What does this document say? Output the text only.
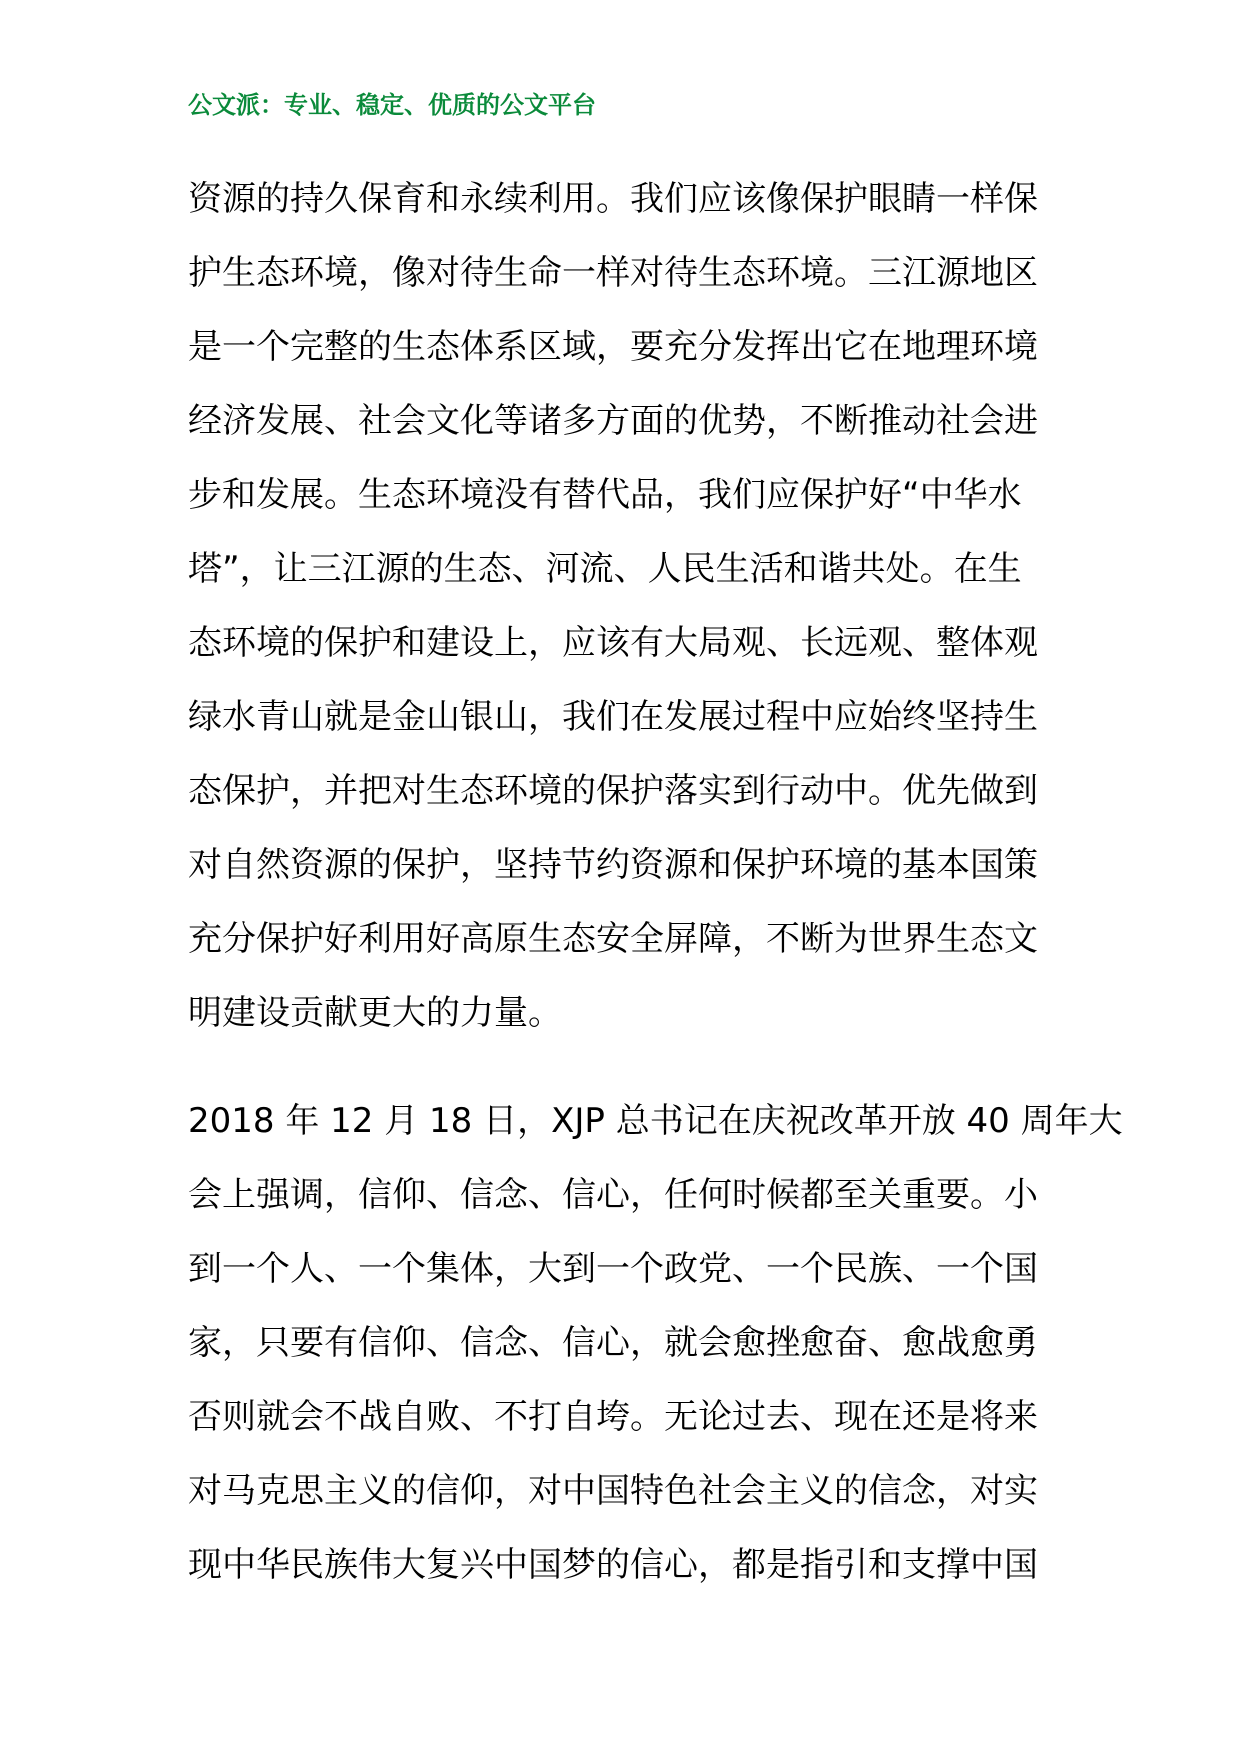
公文派：专业、稳定、优质的公文平台
资源的持久保育和永续利用。我们应该像保护眼睛一样保
护生态环境，像对待生命一样对待生态环境。三江源地区
是一个完整的生态体系区域，要充分发挥出它在地理环境
经济发展、社会文化等诸多方面的优势，不断推动社会进
步和发展。生态环境没有替代品，我们应保护好“中华水
塔”，让三江源的生态、河流、人民生活和谐共处。在生
态环境的保护和建设上，应该有大局观、长远观、整体观
绿水青山就是金山银山，我们在发展过程中应始终坚持生
态保护，并把对生态环境的保护落实到行动中。优先做到
对自然资源的保护，坚持节约资源和保护环境的基本国策
充分保护好利用好高原生态安全屏障，不断为世界生态文
明建设贡献更大的力量。
2018 年 12 月 18 日，XJP 总书记在庆祝改革开放 40 周年大
会上强调，信仰、信念、信心，任何时候都至关重要。小
到一个人、一个集体，大到一个政党、一个民族、一个国
家，只要有信仰、信念、信心，就会愈挫愈奋、愈战愈勇
否则就会不战自败、不打自垮。无论过去、现在还是将来
对马克思主义的信仰，对中国特色社会主义的信念，对实
现中华民族伟大复兴中国梦的信心，都是指引和支撑中国
